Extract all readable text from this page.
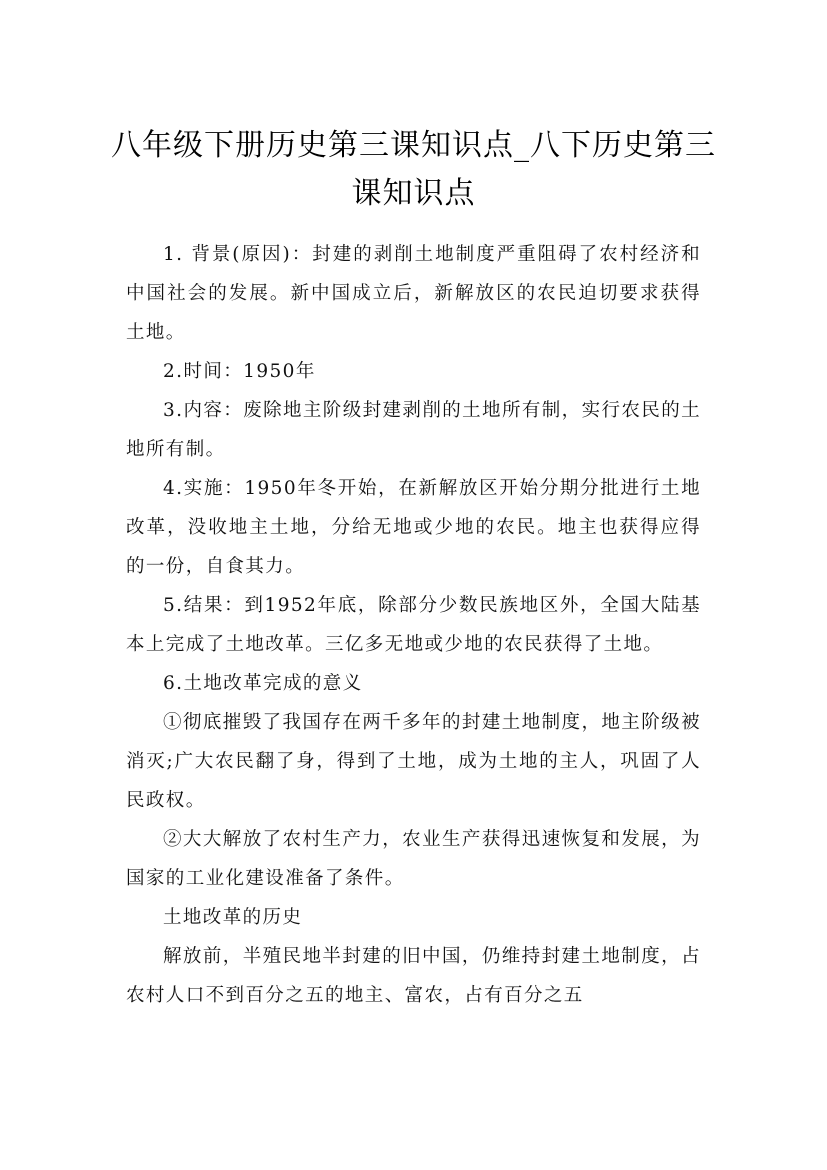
八年级下册历史第三课知识点_八下历史第三课知识点

1. 背景(原因)：封建的剥削土地制度严重阻碍了农村经济和中国社会的发展。新中国成立后，新解放区的农民迫切要求获得土地。

2.时间：1950年

3.内容：废除地主阶级封建剥削的土地所有制，实行农民的土地所有制。

4.实施：1950年冬开始，在新解放区开始分期分批进行土地改革，没收地主土地，分给无地或少地的农民。地主也获得应得的一份，自食其力。

5.结果：到1952年底，除部分少数民族地区外，全国大陆基本上完成了土地改革。三亿多无地或少地的农民获得了土地。

6.土地改革完成的意义

①彻底摧毁了我国存在两千多年的封建土地制度，地主阶级被消灭;广大农民翻了身，得到了土地，成为土地的主人，巩固了人民政权。

②大大解放了农村生产力，农业生产获得迅速恢复和发展，为国家的工业化建设准备了条件。

土地改革的历史

解放前，半殖民地半封建的旧中国，仍维持封建土地制度，占农村人口不到百分之五的地主、富农，占有百分之五
